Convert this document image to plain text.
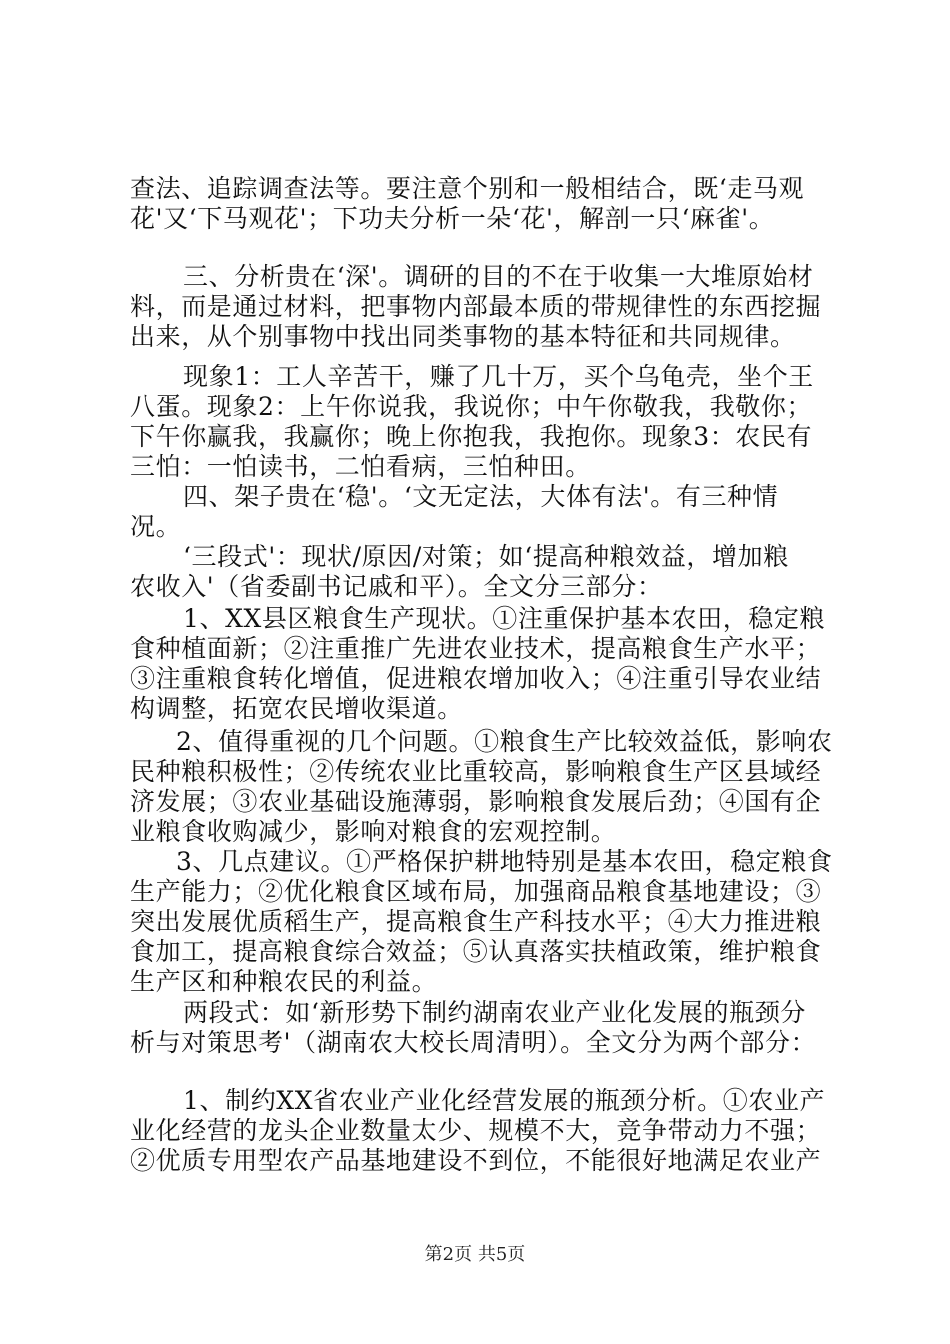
查法、追踪调查法等。要注意个别和一般相结合，既‘走马观
花'又‘下马观花'；下功夫分析一朵‘花'，解剖一只‘麻雀'。
三、分析贵在‘深'。调研的目的不在于收集一大堆原始材
料，而是通过材料，把事物内部最本质的带规律性的东西挖掘
出来，从个别事物中找出同类事物的基本特征和共同规律。
现象1：工人辛苦干，赚了几十万，买个乌龟壳，坐个王
八蛋。现象2：上午你说我，我说你；中午你敬我，我敬你；
下午你赢我，我赢你；晚上你抱我，我抱你。现象3：农民有
三怕：一怕读书，二怕看病，三怕种田。
四、架子贵在‘稳'。‘文无定法，大体有法'。有三种情
况。
‘三段式'：现状/原因/对策；如‘提高种粮效益，增加粮
农收入'（省委副书记戚和平）。全文分三部分：
1、XX县区粮食生产现状。①注重保护基本农田，稳定粮
食种植面新；②注重推广先进农业技术，提高粮食生产水平；
③注重粮食转化增值，促进粮农增加收入；④注重引导农业结
构调整，拓宽农民增收渠道。
2、值得重视的几个问题。①粮食生产比较效益低，影响农
民种粮积极性；②传统农业比重较高，影响粮食生产区县域经
济发展；③农业基础设施薄弱，影响粮食发展后劲；④国有企
业粮食收购减少，影响对粮食的宏观控制。
3、几点建议。①严格保护耕地特别是基本农田，稳定粮食
生产能力；②优化粮食区域布局，加强商品粮食基地建设；③
突出发展优质稻生产，提高粮食生产科技水平；④大力推进粮
食加工，提高粮食综合效益；⑤认真落实扶植政策，维护粮食
生产区和种粮农民的利益。
两段式：如‘新形势下制约湖南农业产业化发展的瓶颈分
析与对策思考'（湖南农大校长周清明）。全文分为两个部分：
1、制约XX省农业产业化经营发展的瓶颈分析。①农业产
业化经营的龙头企业数量太少、规模不大，竞争带动力不强；
②优质专用型农产品基地建设不到位，不能很好地满足农业产
第2页 共5页
